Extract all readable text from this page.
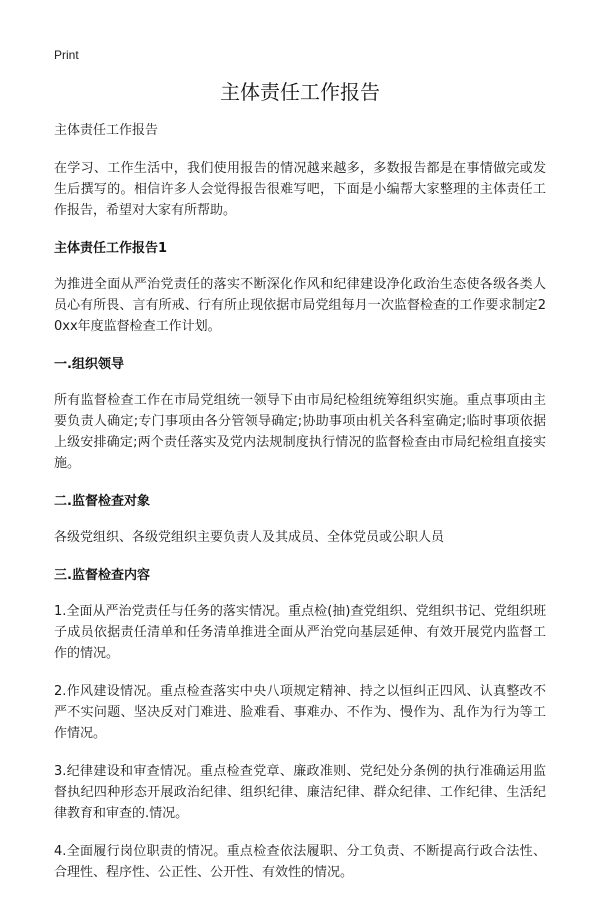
Print
主体责任工作报告

主体责任工作报告

在学习、工作生活中，我们使用报告的情况越来越多，多数报告都是在事情做完或发生后撰写的。相信许多人会觉得报告很难写吧，下面是小编帮大家整理的主体责任工作报告，希望对大家有所帮助。

主体责任工作报告1

为推进全面从严治党责任的落实不断深化作风和纪律建设净化政治生态使各级各类人员心有所畏、言有所戒、行有所止现依据市局党组每月一次监督检查的工作要求制定20xx年度监督检查工作计划。

一.组织领导

所有监督检查工作在市局党组统一领导下由市局纪检组统筹组织实施。重点事项由主要负责人确定;专门事项由各分管领导确定;协助事项由机关各科室确定;临时事项依据上级安排确定;两个责任落实及党内法规制度执行情况的监督检查由市局纪检组直接实施。

二.监督检查对象

各级党组织、各级党组织主要负责人及其成员、全体党员或公职人员

三.监督检查内容

1.全面从严治党责任与任务的落实情况。重点检(抽)查党组织、党组织书记、党组织班子成员依据责任清单和任务清单推进全面从严治党向基层延伸、有效开展党内监督工作的情况。

2.作风建设情况。重点检查落实中央八项规定精神、持之以恒纠正四风、认真整改不严不实问题、坚决反对门难进、脸难看、事难办、不作为、慢作为、乱作为行为等工作情况。

3.纪律建设和审查情况。重点检查党章、廉政准则、党纪处分条例的执行准确运用监督执纪四种形态开展政治纪律、组织纪律、廉洁纪律、群众纪律、工作纪律、生活纪律教育和审查的.情况。

4.全面履行岗位职责的情况。重点检查依法履职、分工负责、不断提高行政合法性、合理性、程序性、公正性、公开性、有效性的情况。
